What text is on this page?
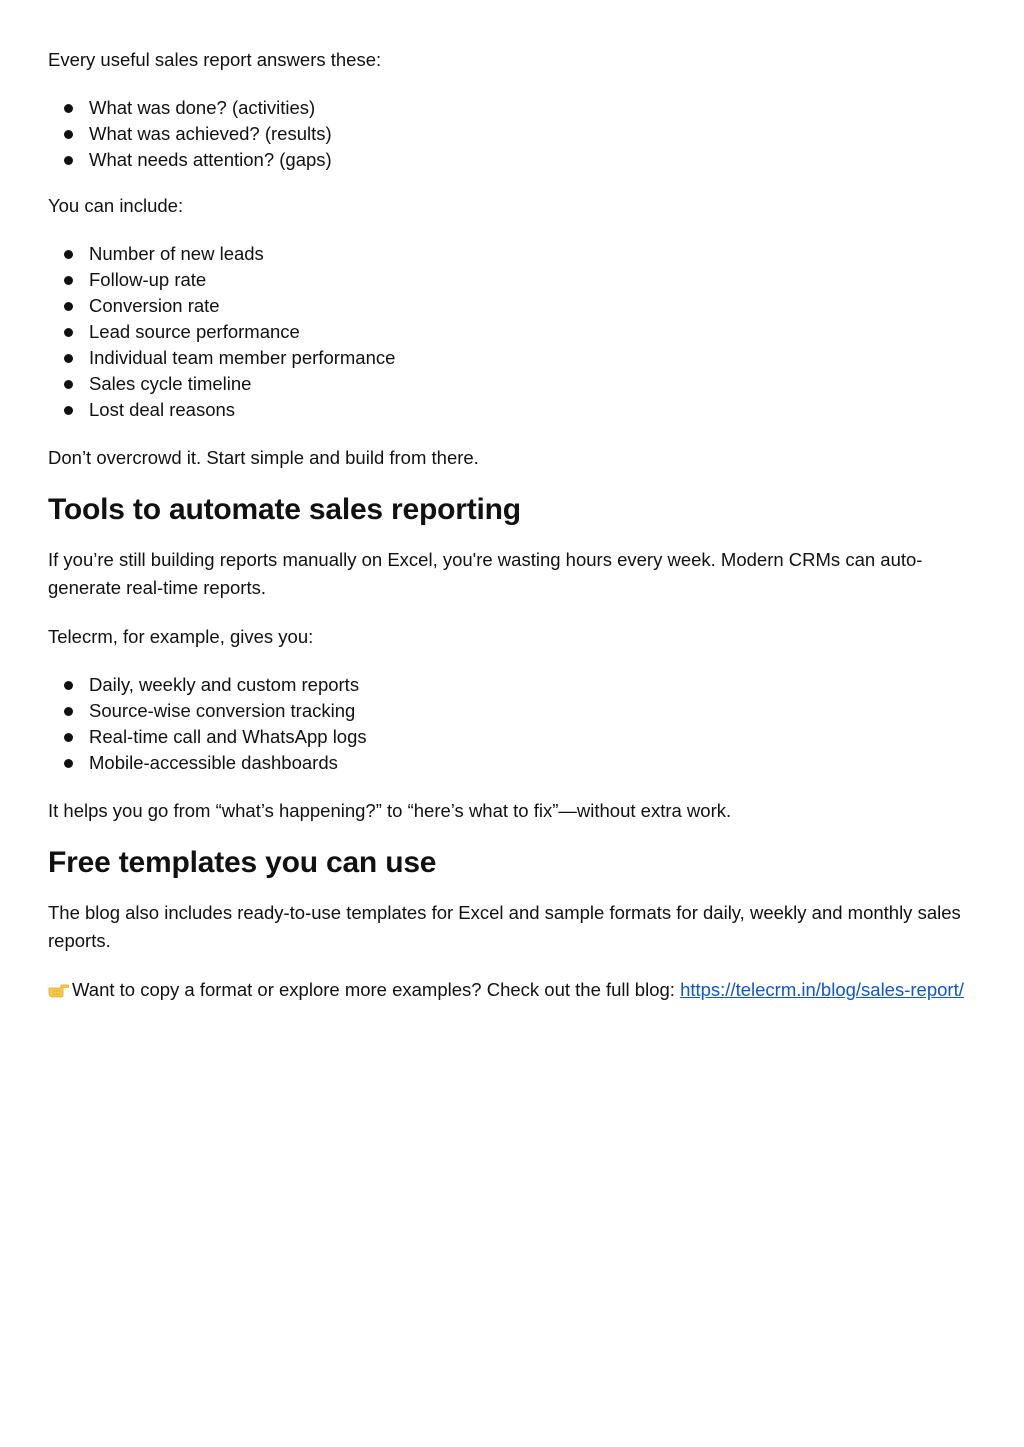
Every useful sales report answers these:

What was done? (activities)
What was achieved? (results)
What needs attention? (gaps)

You can include:

Number of new leads
Follow-up rate
Conversion rate
Lead source performance
Individual team member performance
Sales cycle timeline
Lost deal reasons

Don’t overcrowd it. Start simple and build from there.

Tools to automate sales reporting

If you’re still building reports manually on Excel, you're wasting hours every week. Modern CRMs can auto-generate real-time reports.

Telecrm, for example, gives you:

Daily, weekly and custom reports
Source-wise conversion tracking
Real-time call and WhatsApp logs
Mobile-accessible dashboards

It helps you go from “what’s happening?” to “here’s what to fix”—without extra work.

Free templates you can use

The blog also includes ready-to-use templates for Excel and sample formats for daily, weekly and monthly sales reports.

Want to copy a format or explore more examples? Check out the full blog: https://telecrm.in/blog/sales-report/
